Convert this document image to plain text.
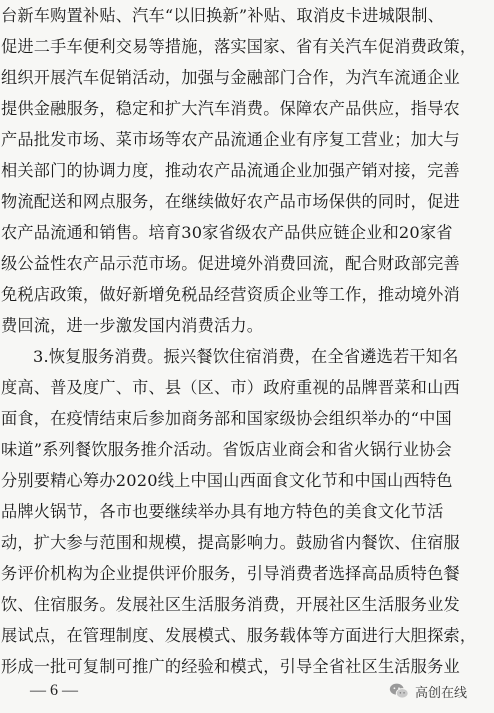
台新车购置补贴、汽车“以旧换新”补贴、取消皮卡进城限制、
促进二手车便利交易等措施，落实国家、省有关汽车促消费政策，
组织开展汽车促销活动，加强与金融部门合作，为汽车流通企业
提供金融服务，稳定和扩大汽车消费。保障农产品供应，指导农
产品批发市场、菜市场等农产品流通企业有序复工营业；加大与
相关部门的协调力度，推动农产品流通企业加强产销对接，完善
物流配送和网点服务，在继续做好农产品市场保供的同时，促进
农产品流通和销售。培育30家省级农产品供应链企业和20家省
级公益性农产品示范市场。促进境外消费回流，配合财政部完善
免税店政策，做好新增免税品经营资质企业等工作，推动境外消
费回流，进一步激发国内消费活力。
3.恢复服务消费。振兴餐饮住宿消费，在全省遴选若干知名
度高、普及度广、市、县（区、市）政府重视的品牌晋菜和山西
面食，在疫情结束后参加商务部和国家级协会组织举办的“中国
味道”系列餐饮服务推介活动。省饭店业商会和省火锅行业协会
分别要精心筹办2020线上中国山西面食文化节和中国山西特色
品牌火锅节，各市也要继续举办具有地方特色的美食文化节活
动，扩大参与范围和规模，提高影响力。鼓励省内餐饮、住宿服
务评价机构为企业提供评价服务，引导消费者选择高品质特色餐
饮、住宿服务。发展社区生活服务消费，开展社区生活服务业发
展试点，在管理制度、发展模式、服务载体等方面进行大胆探索，
形成一批可复制可推广的经验和模式，引导全省社区生活服务业
— 6 —	高创在线
